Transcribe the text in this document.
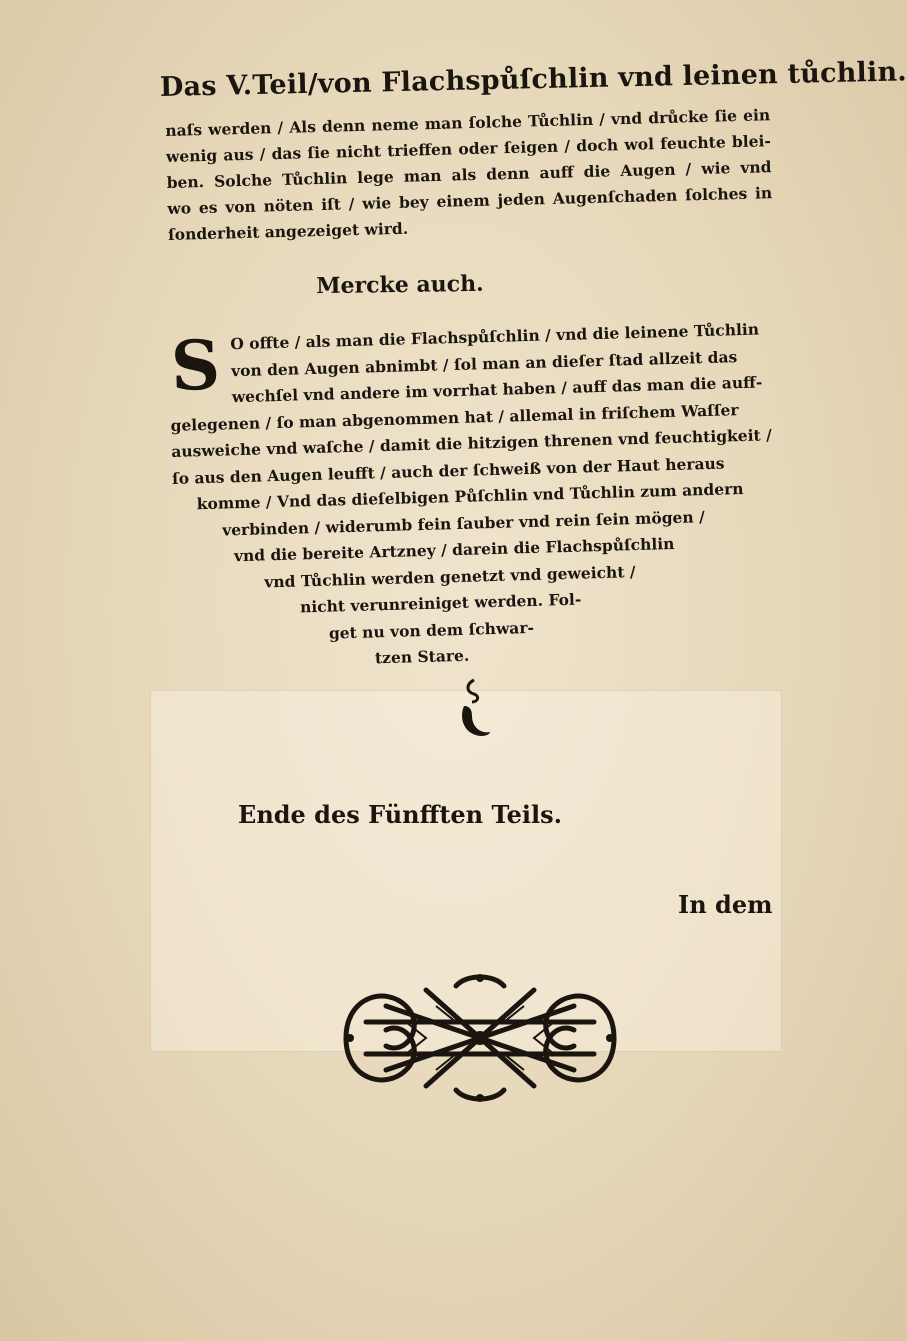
Das V.Teil/von Flachspůſchlin vnd leinen tůchlin.
naſs werden / Als denn neme man ſolche Tůchlin / vnd drůcke ſie ein
wenig aus / das ſie nicht trieffen oder ſeigen / doch wol feuchte blei-
ben. Solche Tůchlin lege man als denn auff die Augen / wie vnd
wo es von nöten iſt / wie bey einem jeden Augenſchaden ſolches in
ſonderheit angezeiget wird.
Mercke auch.
S O offte / als man die Flachspůſchlin / vnd die leinene Tůchlin
von den Augen abnimbt / ſol man an dieſer ſtad allzeit das
wechſel vnd andere im vorrhat haben / auff das man die auff-
gelegenen / ſo man abgenommen hat / allemal in friſchem Waſſer
ausweiche vnd waſche / damit die hitzigen threnen vnd feuchtigkeit /
ſo aus den Augen leufft / auch der ſchweiß von der Haut heraus
komme / Vnd das dieſelbigen Půſchlin vnd Tůchlin zum andern
verbinden / widerumb fein ſauber vnd rein ſein mögen /
vnd die bereite Artzney / darein die Flachspůſchlin
vnd Tůchlin werden genetzt vnd geweicht /
nicht verunreiniget werden. Fol-
get nu von dem ſchwar-
tzen Stare.
Ende des Fünfften Teils.
In dem
